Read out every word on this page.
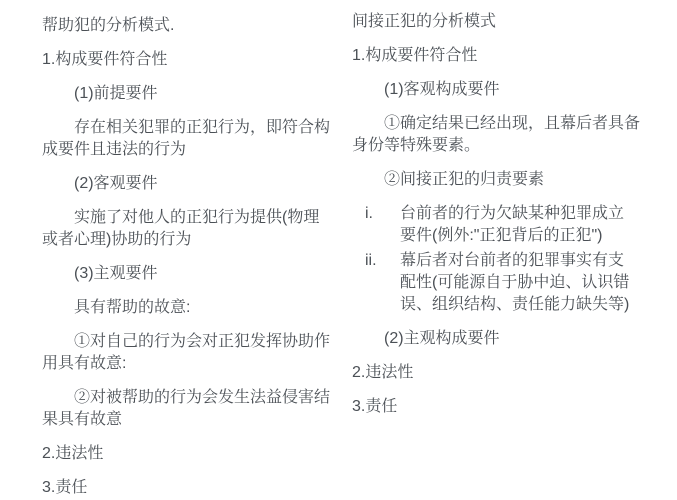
帮助犯的分析模式.

1.构成要件符合性

(1)前提要件

存在相关犯罪的正犯行为，即符合构成要件且违法的行为

(2)客观要件

实施了对他人的正犯行为提供(物理或者心理)协助的行为

(3)主观要件

具有帮助的故意:

①对自己的行为会对正犯发挥协助作用具有故意:

②对被帮助的行为会发生法益侵害结果具有故意

2.违法性

3.责任

间接正犯的分析模式

1.构成要件符合性

(1)客观构成要件

①确定结果已经出现，且幕后者具备身份等特殊要素。

②间接正犯的归责要素

i.	台前者的行为欠缺某种犯罪成立要件(例外:"正犯背后的正犯")
ii.	幕后者对台前者的犯罪事实有支配性(可能源自于胁中迫、认识错误、组织结构、责任能力缺失等)

(2)主观构成要件

2.违法性

3.责任
